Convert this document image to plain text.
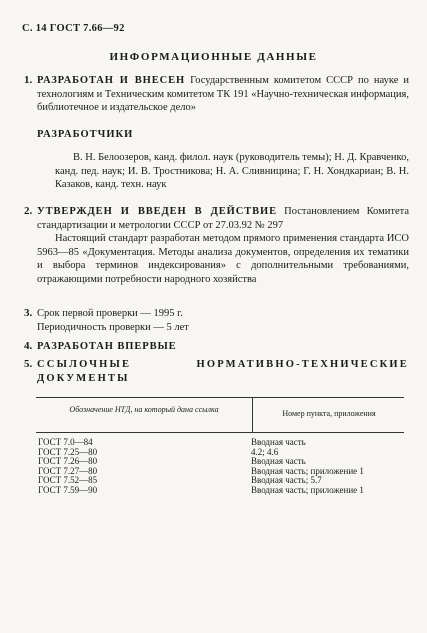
С. 14 ГОСТ 7.66—92
ИНФОРМАЦИОННЫЕ ДАННЫЕ
1. РАЗРАБОТАН И ВНЕСЕН Государственным комитетом СССР по науке и технологиям и Техническим комитетом ТК 191 «Научно-техническая информация, библиотечное и издательское дело»
РАЗРАБОТЧИКИ
В. Н. Белоозеров, канд. филол. наук (руководитель темы); Н. Д. Кравченко, канд. пед. наук; И. В. Тростникова; Н. А. Сливницина; Г. Н. Хондкариан; В. Н. Казаков, канд. техн. наук
2. УТВЕРЖДЕН И ВВЕДЕН В ДЕЙСТВИЕ Постановлением Комитета стандартизации и метрологии СССР от 27.03.92 № 297
Настоящий стандарт разработан методом прямого применения стандарта ИСО 5963—85 «Документация. Методы анализа документов, определения их тематики и выбора терминов индексирования» с дополнительными требованиями, отражающими потребности народного хозяйства
3. Срок первой проверки — 1995 г.
Периодичность проверки — 5 лет
4. РАЗРАБОТАН ВПЕРВЫЕ
5. ССЫЛОЧНЫЕ НОРМАТИВНО-ТЕХНИЧЕСКИЕ ДОКУМЕНТЫ
Обозначение НТД, на который дана ссылка	Номер пункта, приложения
ГОСТ 7.0—84	Вводная часть
ГОСТ 7.25—80	4.2; 4.6
ГОСТ 7.26—80	Вводная часть
ГОСТ 7.27—80	Вводная часть; приложение 1
ГОСТ 7.52—85	Вводная часть; 5.7
ГОСТ 7.59—90	Вводная часть; приложение 1
